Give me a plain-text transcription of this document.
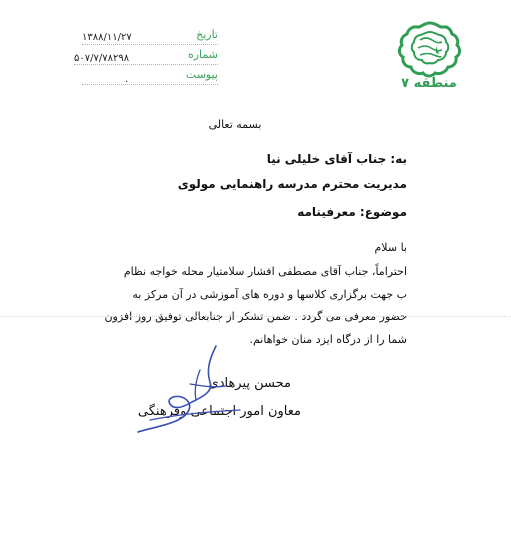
منطقه ۷
تاریخ
۱۳۸۸/۱۱/۲۷
شماره
۵۰۷/۷/۷۸۲۹۸
پیوست
۰
بسمه تعالی
به: جناب آقای خلیلی نیا
مدیریت محترم مدرسه راهنمایی مولوی
موضوع: معرفینامه
با سلام
احتراماً، جناب آقای مصطفی افشار سلامتیار محله خواجه نظام
ب جهت برگزاری کلاسها و دوره های آموزشی در آن مرکز به
حضور معرفی می گردد . ضمن تشکر از جنابعالی توفیق روز افزون
شما را از درگاه ایزد منان خواهانم.
محسن پیرهادی
معاون امور اجتماعی وفرهنگی
